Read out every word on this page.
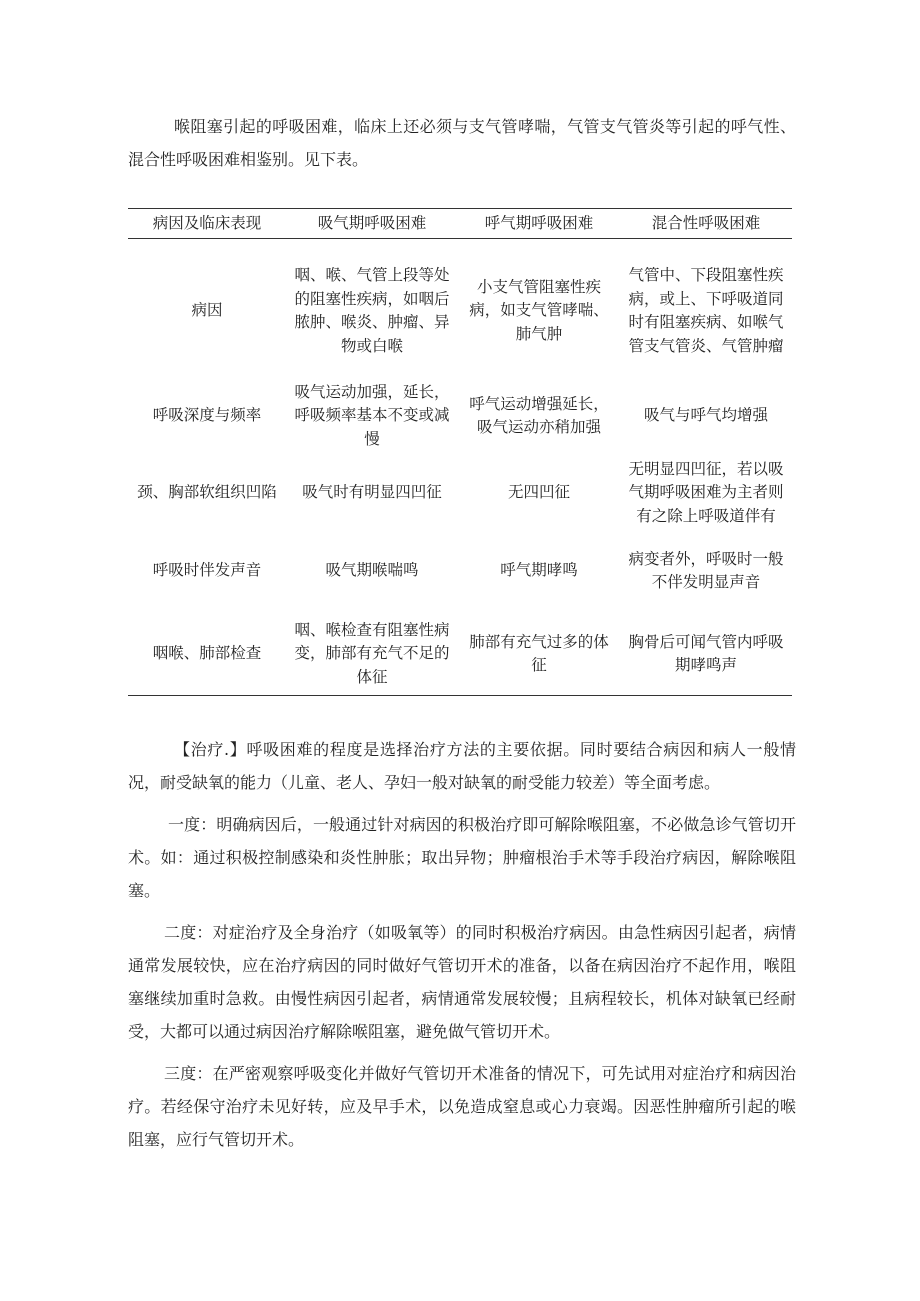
喉阻塞引起的呼吸困难，临床上还必须与支气管哮喘，气管支气管炎等引起的呼气性、混合性呼吸困难相鉴别。见下表。

病因及临床表现	吸气期呼吸困难	呼气期呼吸困难	混合性呼吸困难
病因	咽、喉、气管上段等处的阻塞性疾病，如咽后脓肿、喉炎、肿瘤、异物或白喉	小支气管阻塞性疾病，如支气管哮喘、肺气肿	气管中、下段阻塞性疾病，或上、下呼吸道同时有阻塞疾病、如喉气管支气管炎、气管肿瘤
呼吸深度与频率	吸气运动加强，延长，呼吸频率基本不变或减慢	呼气运动增强延长，吸气运动亦稍加强	吸气与呼气均增强
颈、胸部软组织凹陷	吸气时有明显四凹征	无四凹征	无明显四凹征，若以吸气期呼吸困难为主者则有之除上呼吸道伴有
呼吸时伴发声音	吸气期喉喘鸣	呼气期哮鸣	病变者外，呼吸时一般不伴发明显声音
咽喉、肺部检查	咽、喉检查有阻塞性病变，肺部有充气不足的体征	肺部有充气过多的体征	胸骨后可闻气管内呼吸期哮鸣声

【治疗.】呼吸困难的程度是选择治疗方法的主要依据。同时要结合病因和病人一般情况，耐受缺氧的能力（儿童、老人、孕妇一般对缺氧的耐受能力较差）等全面考虑。

一度：明确病因后，一般通过针对病因的积极治疗即可解除喉阻塞，不必做急诊气管切开术。如：通过积极控制感染和炎性肿胀；取出异物；肿瘤根治手术等手段治疗病因，解除喉阻塞。

二度：对症治疗及全身治疗（如吸氧等）的同时积极治疗病因。由急性病因引起者，病情通常发展较快，应在治疗病因的同时做好气管切开术的准备，以备在病因治疗不起作用，喉阻塞继续加重时急救。由慢性病因引起者，病情通常发展较慢；且病程较长，机体对缺氧已经耐受，大都可以通过病因治疗解除喉阻塞，避免做气管切开术。

三度：在严密观察呼吸变化并做好气管切开术准备的情况下，可先试用对症治疗和病因治疗。若经保守治疗未见好转，应及早手术，以免造成窒息或心力衰竭。因恶性肿瘤所引起的喉阻塞，应行气管切开术。
